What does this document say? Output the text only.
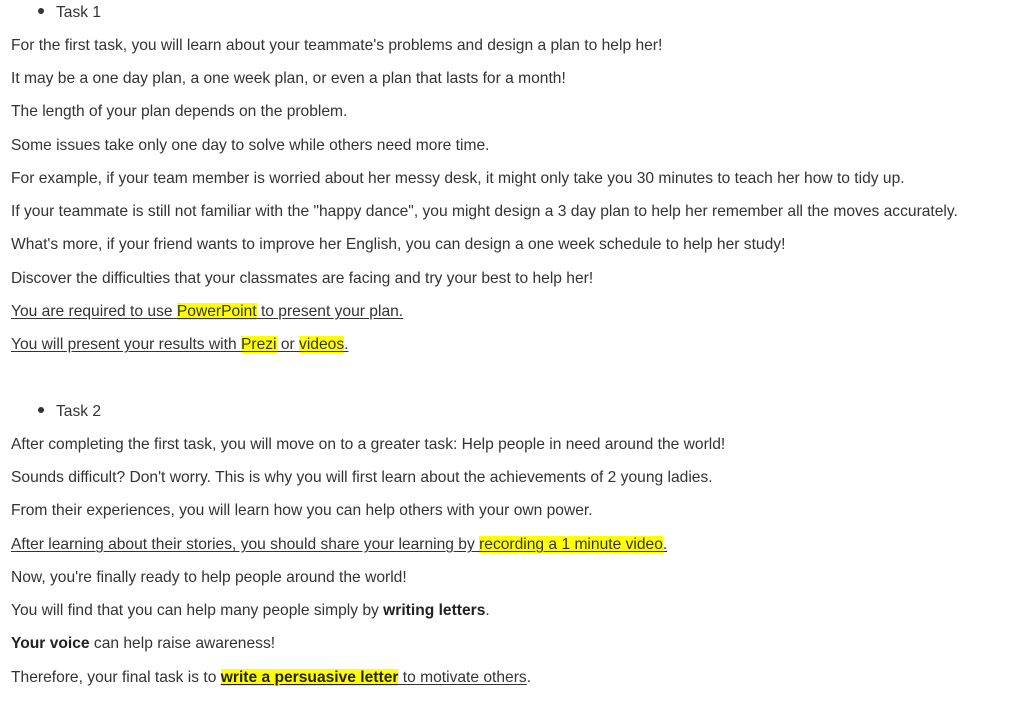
Task 1
For the first task, you will learn about your teammate's problems and design a plan to help her!
It may be a one day plan, a one week plan, or even a plan that lasts for a month!
The length of your plan depends on the problem.
Some issues take only one day to solve while others need more time.
For example, if your team member is worried about her messy desk, it might only take you 30 minutes to teach her how to tidy up.
If your teammate is still not familiar with the "happy dance", you might design a 3 day plan to help her remember all the moves accurately.
What's more, if your friend wants to improve her English, you can design a one week schedule to help her study!
Discover the difficulties that your classmates are facing and try your best to help her!
You are required to use PowerPoint to present your plan.
You will present your results with Prezi or videos.
Task 2
After completing the first task, you will move on to a greater task: Help people in need around the world!
Sounds difficult? Don't worry. This is why you will first learn about the achievements of 2 young ladies.
From their experiences, you will learn how you can help others with your own power.
After learning about their stories, you should share your learning by recording a 1 minute video.
Now, you're finally ready to help people around the world!
You will find that you can help many people simply by writing letters.
Your voice can help raise awareness!
Therefore, your final task is to write a persuasive letter to motivate others.
